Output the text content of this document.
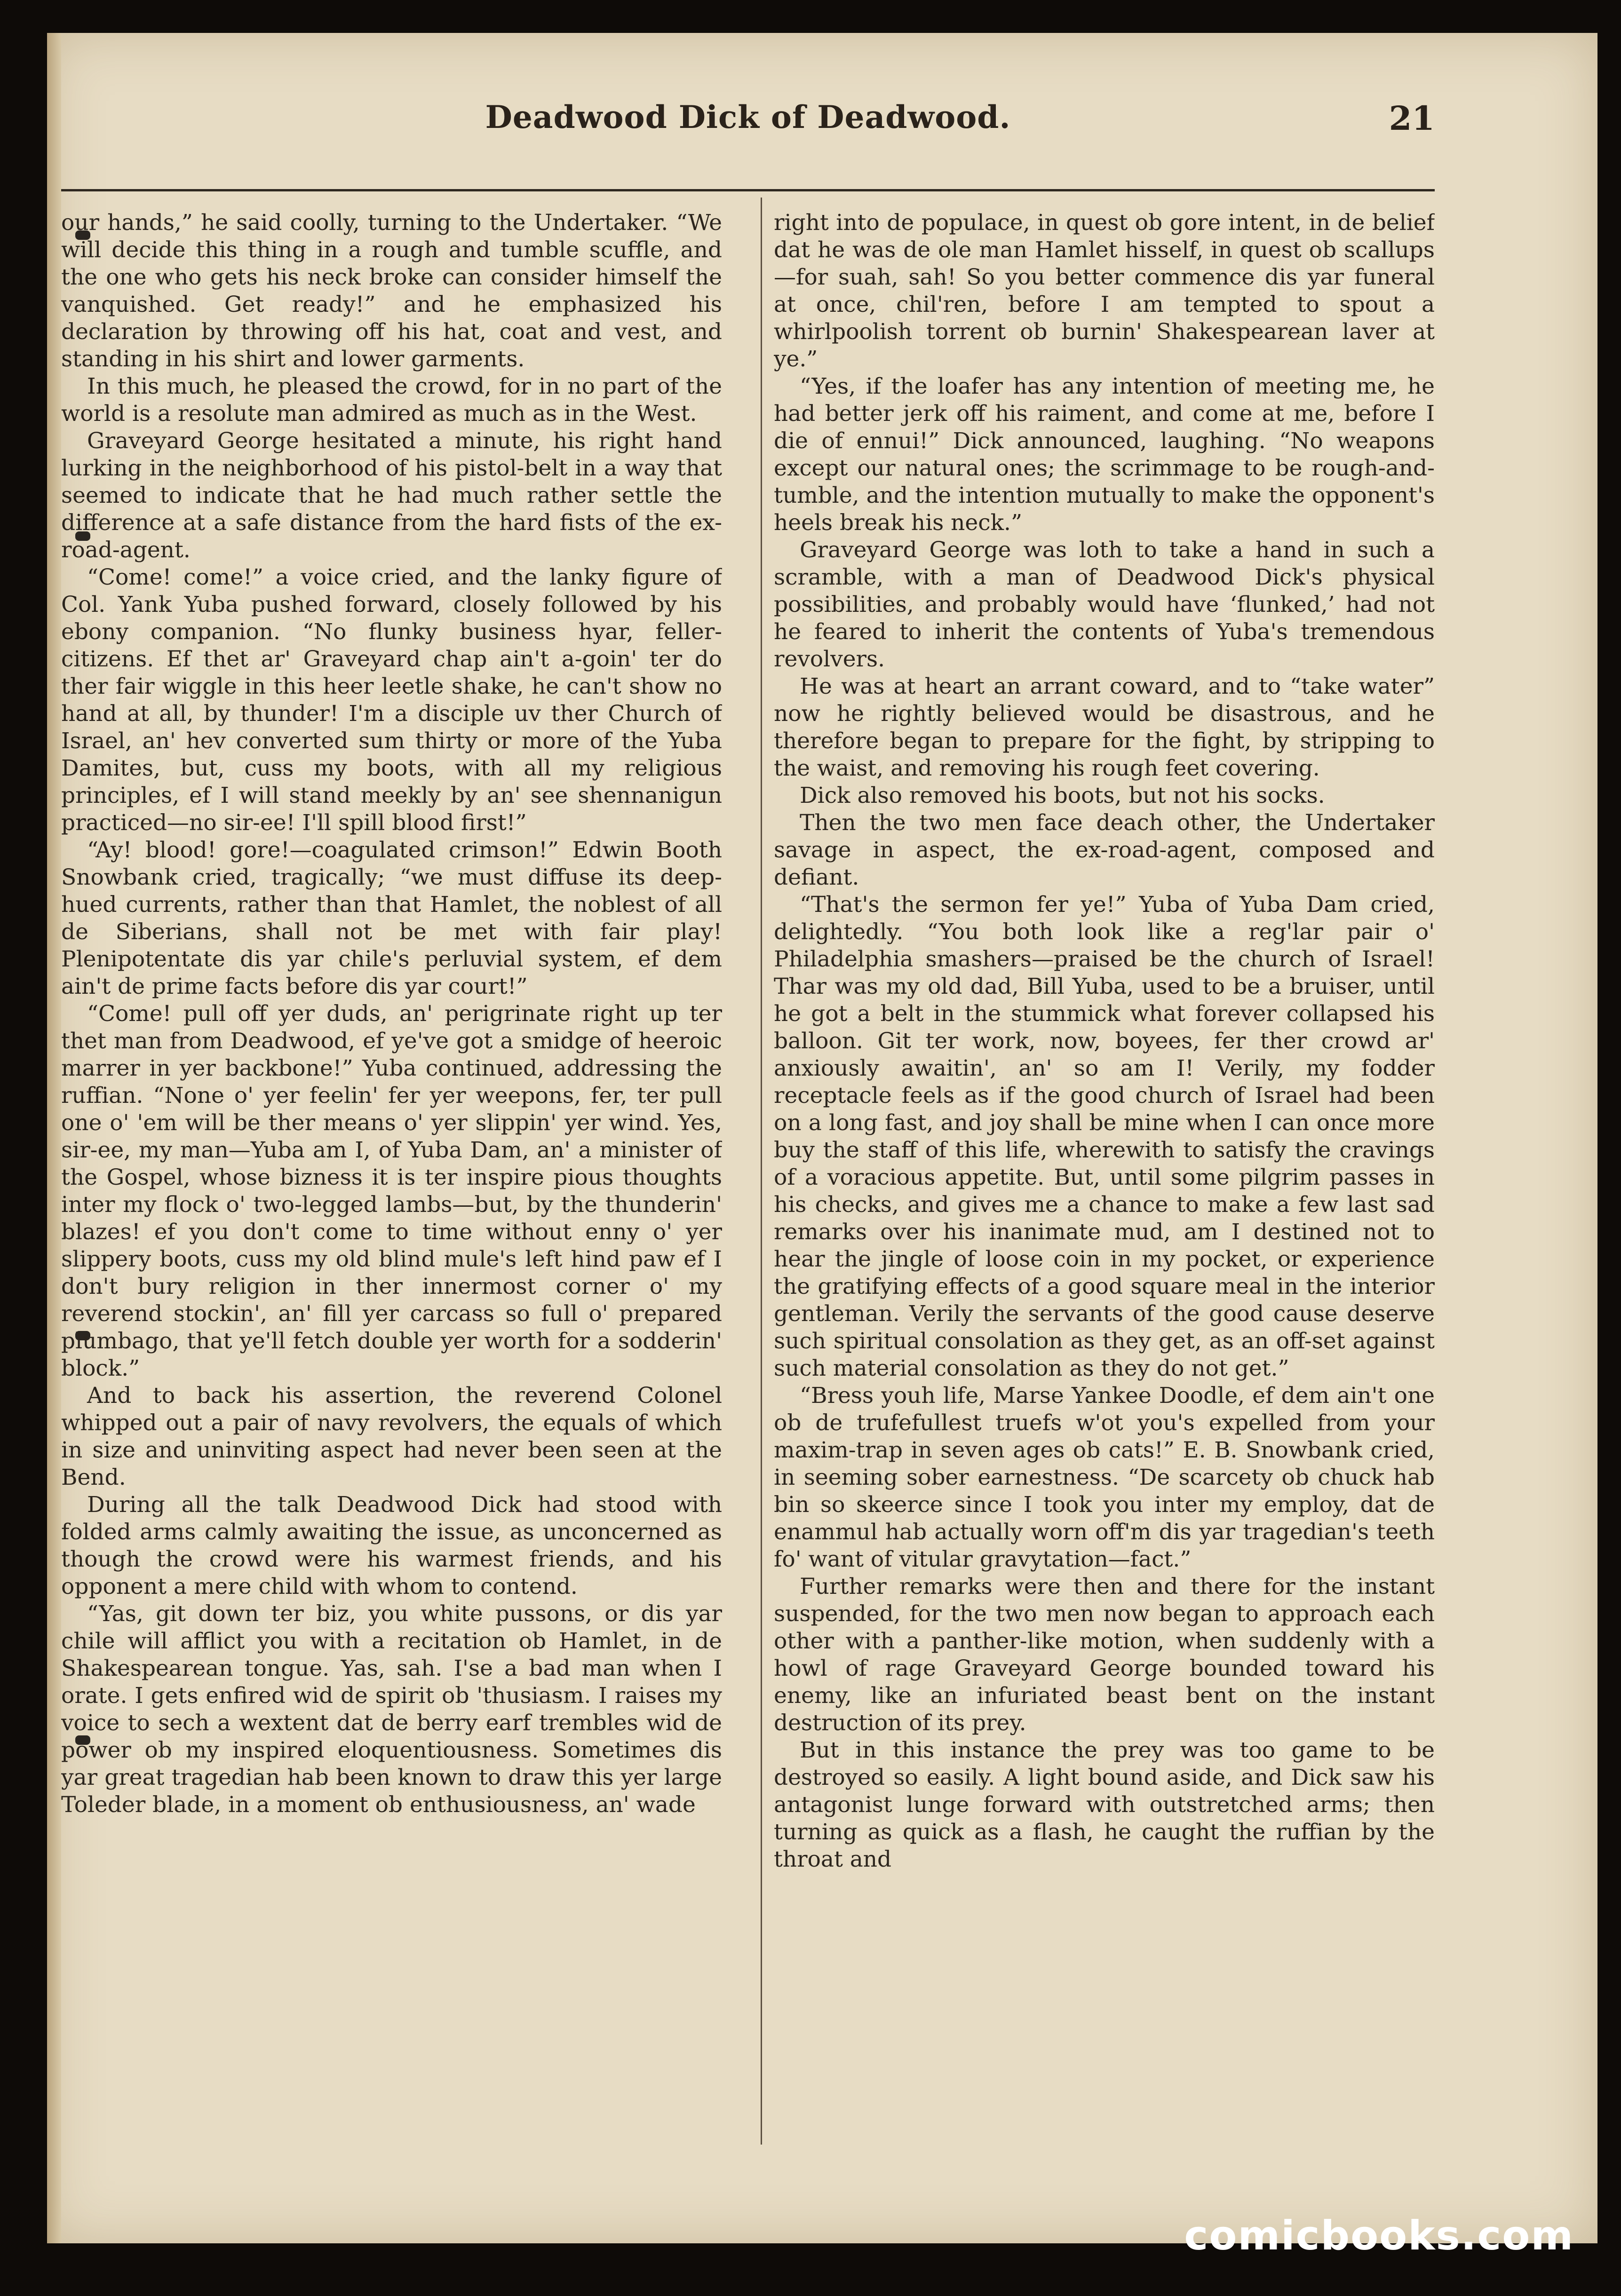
Deadwood Dick of Deadwood.	21

our hands,” he said coolly, turning to the Undertaker. “We will decide this thing in a rough and tumble scuffle, and the one who gets his neck broke can consider himself the vanquished. Get ready!” and he emphasized his declaration by throwing off his hat, coat and vest, and standing in his shirt and lower garments.

In this much, he pleased the crowd, for in no part of the world is a resolute man admired as much as in the West.

Graveyard George hesitated a minute, his right hand lurking in the neighborhood of his pistol-belt in a way that seemed to indicate that he had much rather settle the difference at a safe distance from the hard fists of the ex-road-agent.

“Come! come!” a voice cried, and the lanky figure of Col. Yank Yuba pushed forward, closely followed by his ebony companion. “No flunky business hyar, feller-citizens. Ef thet ar' Graveyard chap ain't a-goin' ter do ther fair wiggle in this heer leetle shake, he can't show no hand at all, by thunder! I'm a disciple uv ther Church of Israel, an' hev converted sum thirty or more of the Yuba Damites, but, cuss my boots, with all my religious principles, ef I will stand meekly by an' see shennanigun practiced—no sir-ee! I'll spill blood first!”

“Ay! blood! gore!—coagulated crimson!” Edwin Booth Snowbank cried, tragically; “we must diffuse its deep-hued currents, rather than that Hamlet, the noblest of all de Siberians, shall not be met with fair play! Plenipotentate dis yar chile's perluvial system, ef dem ain't de prime facts before dis yar court!”

“Come! pull off yer duds, an' perigrinate right up ter thet man from Deadwood, ef ye've got a smidge of heeroic marrer in yer backbone!” Yuba continued, addressing the ruffian. “None o' yer feelin' fer yer weepons, fer, ter pull one o' 'em will be ther means o' yer slippin' yer wind. Yes, sir-ee, my man—Yuba am I, of Yuba Dam, an' a minister of the Gospel, whose bizness it is ter inspire pious thoughts inter my flock o' two-legged lambs—but, by the thunderin' blazes! ef you don't come to time without enny o' yer slippery boots, cuss my old blind mule's left hind paw ef I don't bury religion in ther innermost corner o' my reverend stockin', an' fill yer carcass so full o' prepared plumbago, that ye'll fetch double yer worth for a sodderin' block.”

And to back his assertion, the reverend Colonel whipped out a pair of navy revolvers, the equals of which in size and uninviting aspect had never been seen at the Bend.

During all the talk Deadwood Dick had stood with folded arms calmly awaiting the issue, as unconcerned as though the crowd were his warmest friends, and his opponent a mere child with whom to contend.

“Yas, git down ter biz, you white pussons, or dis yar chile will afflict you with a recitation ob Hamlet, in de Shakespearean tongue. Yas, sah. I'se a bad man when I orate. I gets enfired wid de spirit ob 'thusiasm. I raises my voice to sech a wextent dat de berry earf trembles wid de power ob my inspired eloquentiousness. Sometimes dis yar great tragedian hab been known to draw this yer large Toleder blade, in a moment ob enthusiousness, an' wade

right into de populace, in quest ob gore intent, in de belief dat he was de ole man Hamlet hisself, in quest ob scallups—for suah, sah! So you better commence dis yar funeral at once, chil'ren, before I am tempted to spout a whirlpoolish torrent ob burnin' Shakespearean laver at ye.”

“Yes, if the loafer has any intention of meeting me, he had better jerk off his raiment, and come at me, before I die of ennui!” Dick announced, laughing. “No weapons except our natural ones; the scrimmage to be rough-and-tumble, and the intention mutually to make the opponent's heels break his neck.”

Graveyard George was loth to take a hand in such a scramble, with a man of Deadwood Dick's physical possibilities, and probably would have ‘flunked,’ had not he feared to inherit the contents of Yuba's tremendous revolvers.

He was at heart an arrant coward, and to “take water” now he rightly believed would be disastrous, and he therefore began to prepare for the fight, by stripping to the waist, and removing his rough feet covering.

Dick also removed his boots, but not his socks.

Then the two men face deach other, the Undertaker savage in aspect, the ex-road-agent, composed and defiant.

“That's the sermon fer ye!” Yuba of Yuba Dam cried, delightedly. “You both look like a reg'lar pair o' Philadelphia smashers—praised be the church of Israel! Thar was my old dad, Bill Yuba, used to be a bruiser, until he got a belt in the stummick what forever collapsed his balloon. Git ter work, now, boyees, fer ther crowd ar' anxiously awaitin', an' so am I! Verily, my fodder receptacle feels as if the good church of Israel had been on a long fast, and joy shall be mine when I can once more buy the staff of this life, wherewith to satisfy the cravings of a voracious appetite. But, until some pilgrim passes in his checks, and gives me a chance to make a few last sad remarks over his inanimate mud, am I destined not to hear the jingle of loose coin in my pocket, or experience the gratifying effects of a good square meal in the interior gentleman. Verily the servants of the good cause deserve such spiritual consolation as they get, as an off-set against such material consolation as they do not get.”

“Bress youh life, Marse Yankee Doodle, ef dem ain't one ob de trufefullest truefs w'ot you's expelled from your maxim-trap in seven ages ob cats!” E. B. Snowbank cried, in seeming sober earnestness. “De scarcety ob chuck hab bin so skeerce since I took you inter my employ, dat de enammul hab actually worn off'm dis yar tragedian's teeth fo' want of vitular gravytation—fact.”

Further remarks were then and there for the instant suspended, for the two men now began to approach each other with a panther-like motion, when suddenly with a howl of rage Graveyard George bounded toward his enemy, like an infuriated beast bent on the instant destruction of its prey.

But in this instance the prey was too game to be destroyed so easily. A light bound aside, and Dick saw his antagonist lunge forward with outstretched arms; then turning as quick as a flash, he caught the ruffian by the throat and

comicbooks.com
